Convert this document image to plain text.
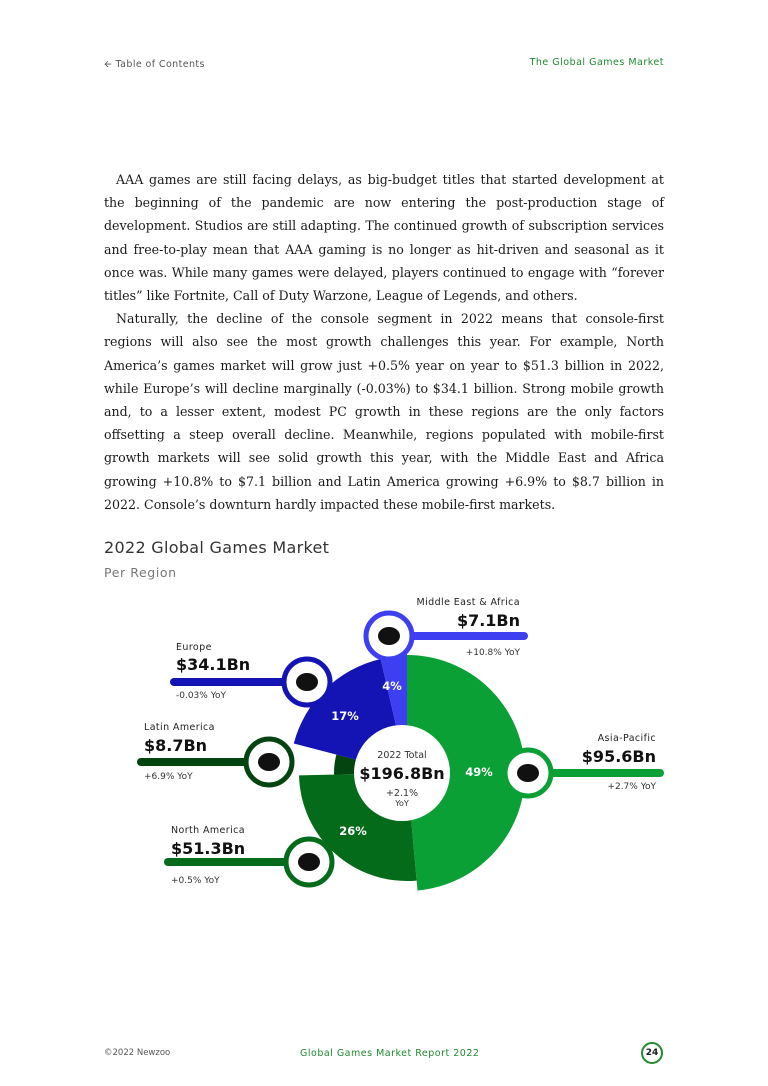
🡨 Table of Contents	The Global Games Market

AAA games are still facing delays, as big-budget titles that started development at the beginning of the pandemic are now entering the post-production stage of development. Studios are still adapting. The continued growth of subscription services and free-to-play mean that AAA gaming is no longer as hit-driven and seasonal as it once was. While many games were delayed, players continued to engage with “forever titles” like Fortnite, Call of Duty Warzone, League of Legends, and others.

Naturally, the decline of the console segment in 2022 means that console-first regions will also see the most growth challenges this year. For example, North America’s games market will grow just +0.5% year on year to $51.3 billion in 2022, while Europe’s will decline marginally (-0.03%) to $34.1 billion. Strong mobile growth and, to a lesser extent, modest PC growth in these regions are the only factors offsetting a steep overall decline. Meanwhile, regions populated with mobile-first growth markets will see solid growth this year, with the Middle East and Africa growing +10.8% to $7.1 billion and Latin America growing +6.9% to $8.7 billion in 2022. Console’s downturn hardly impacted these mobile-first markets.

2022 Global Games Market
Per Region
49%
26%
4%
17%
4%
Asia-Pacific
$95.6Bn
+2.7% YoY
North America
$51.3Bn
+0.5% YoY
Latin America
$8.7Bn
+6.9% YoY
Europe
$34.1Bn
-0.03% YoY
Middle East & Africa
$7.1Bn
+10.8% YoY
2022 Total
$196.8Bn
+2.1%
YoY
©2022 Newzoo	Global Games Market Report 2022	24
